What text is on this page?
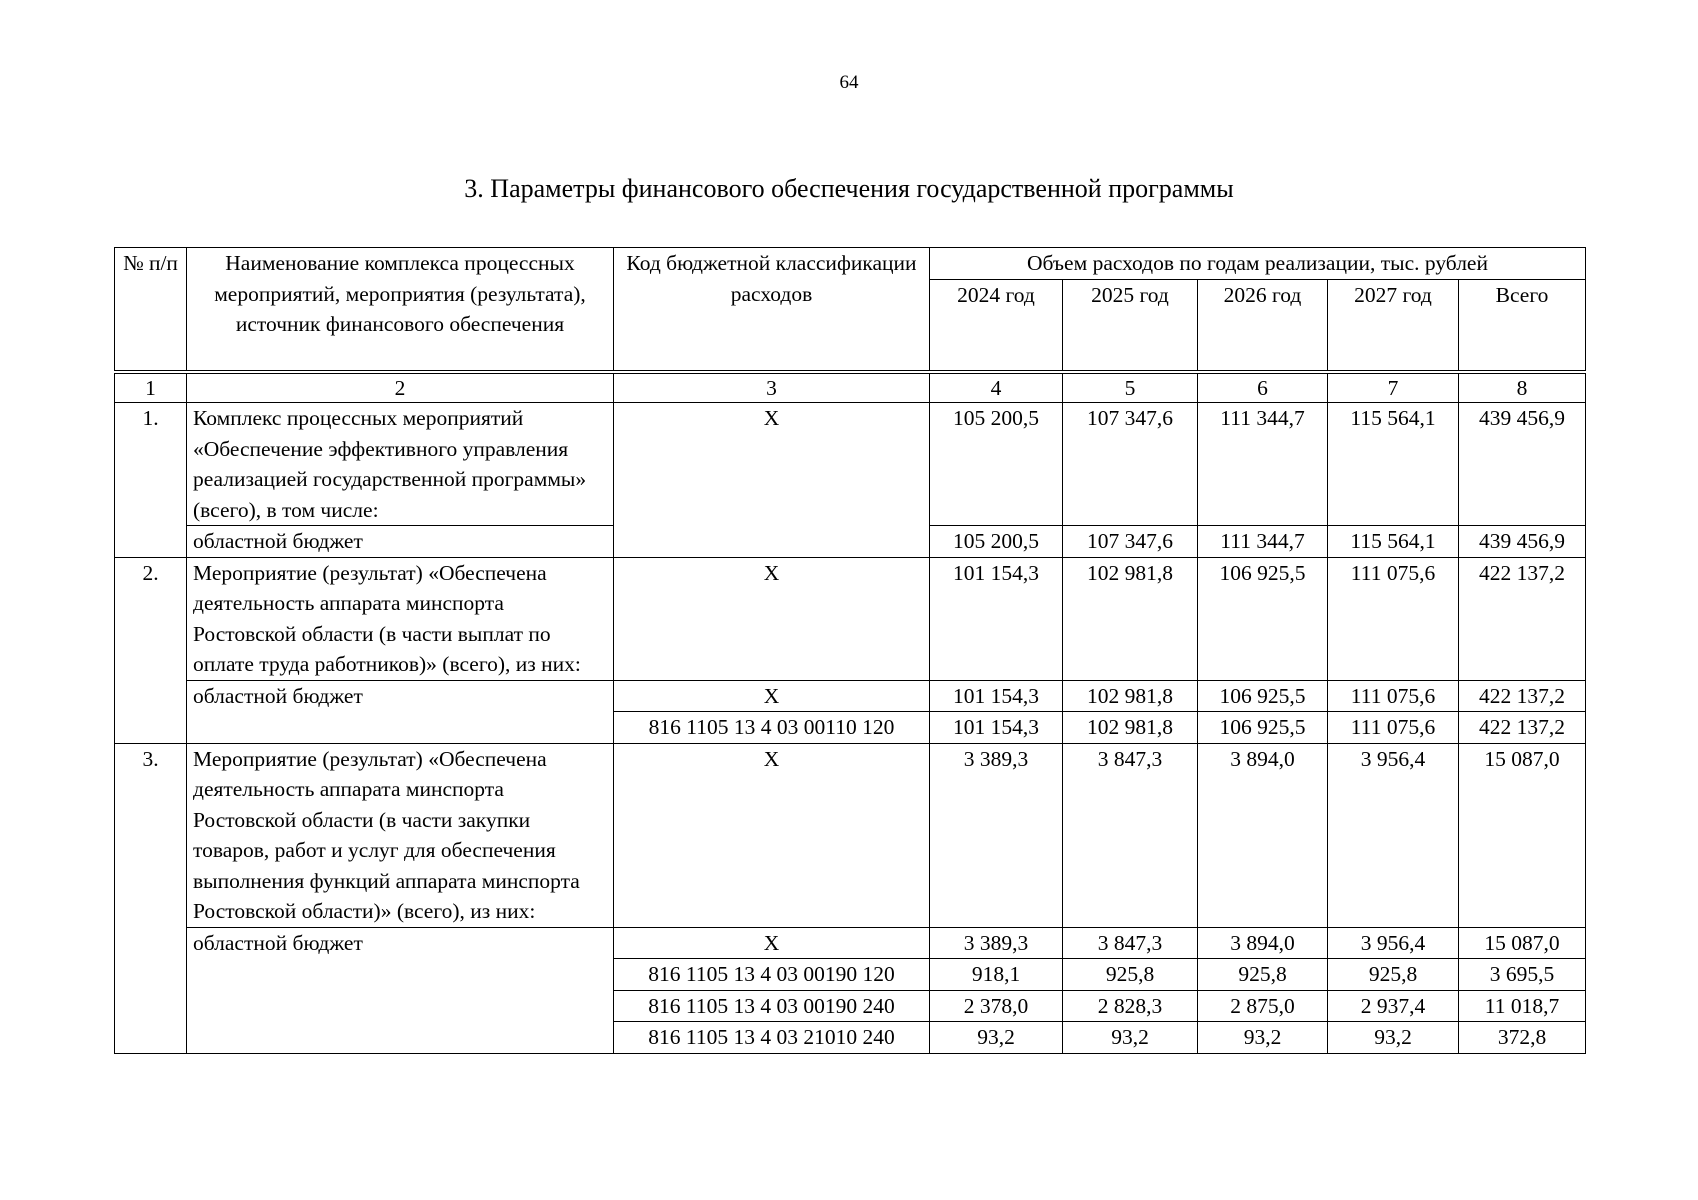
64
3. Параметры финансового обеспечения государственной программы
№ п/п	Наименование комплекса процессных мероприятий, мероприятия (результата), источник финансового обеспечения	Код бюджетной классификации расходов	Объем расходов по годам реализации, тыс. рублей				
			2024 год	2025 год	2026 год	2027 год	Всего
1	2	3	4	5	6	7	8
1.	Комплекс процессных мероприятий «Обеспечение эффективного управления реализацией государственной программы» (всего), в том числе:	X	105 200,5	107 347,6	111 344,7	115 564,1	439 456,9
	областной бюджет		105 200,5	107 347,6	111 344,7	115 564,1	439 456,9
2.	Мероприятие (результат) «Обеспечена деятельность аппарата минспорта Ростовской области (в части выплат по оплате труда работников)» (всего), из них:	X	101 154,3	102 981,8	106 925,5	111 075,6	422 137,2
	областной бюджет	X	101 154,3	102 981,8	106 925,5	111 075,6	422 137,2
		816 1105 13 4 03 00110 120	101 154,3	102 981,8	106 925,5	111 075,6	422 137,2
3.	Мероприятие (результат) «Обеспечена деятельность аппарата минспорта Ростовской области (в части закупки товаров, работ и услуг для обеспечения выполнения функций аппарата минспорта Ростовской области)» (всего), из них:	X	3 389,3	3 847,3	3 894,0	3 956,4	15 087,0
	областной бюджет	X	3 389,3	3 847,3	3 894,0	3 956,4	15 087,0
		816 1105 13 4 03 00190 120	918,1	925,8	925,8	925,8	3 695,5
		816 1105 13 4 03 00190 240	2 378,0	2 828,3	2 875,0	2 937,4	11 018,7
		816 1105 13 4 03 21010 240	93,2	93,2	93,2	93,2	372,8
